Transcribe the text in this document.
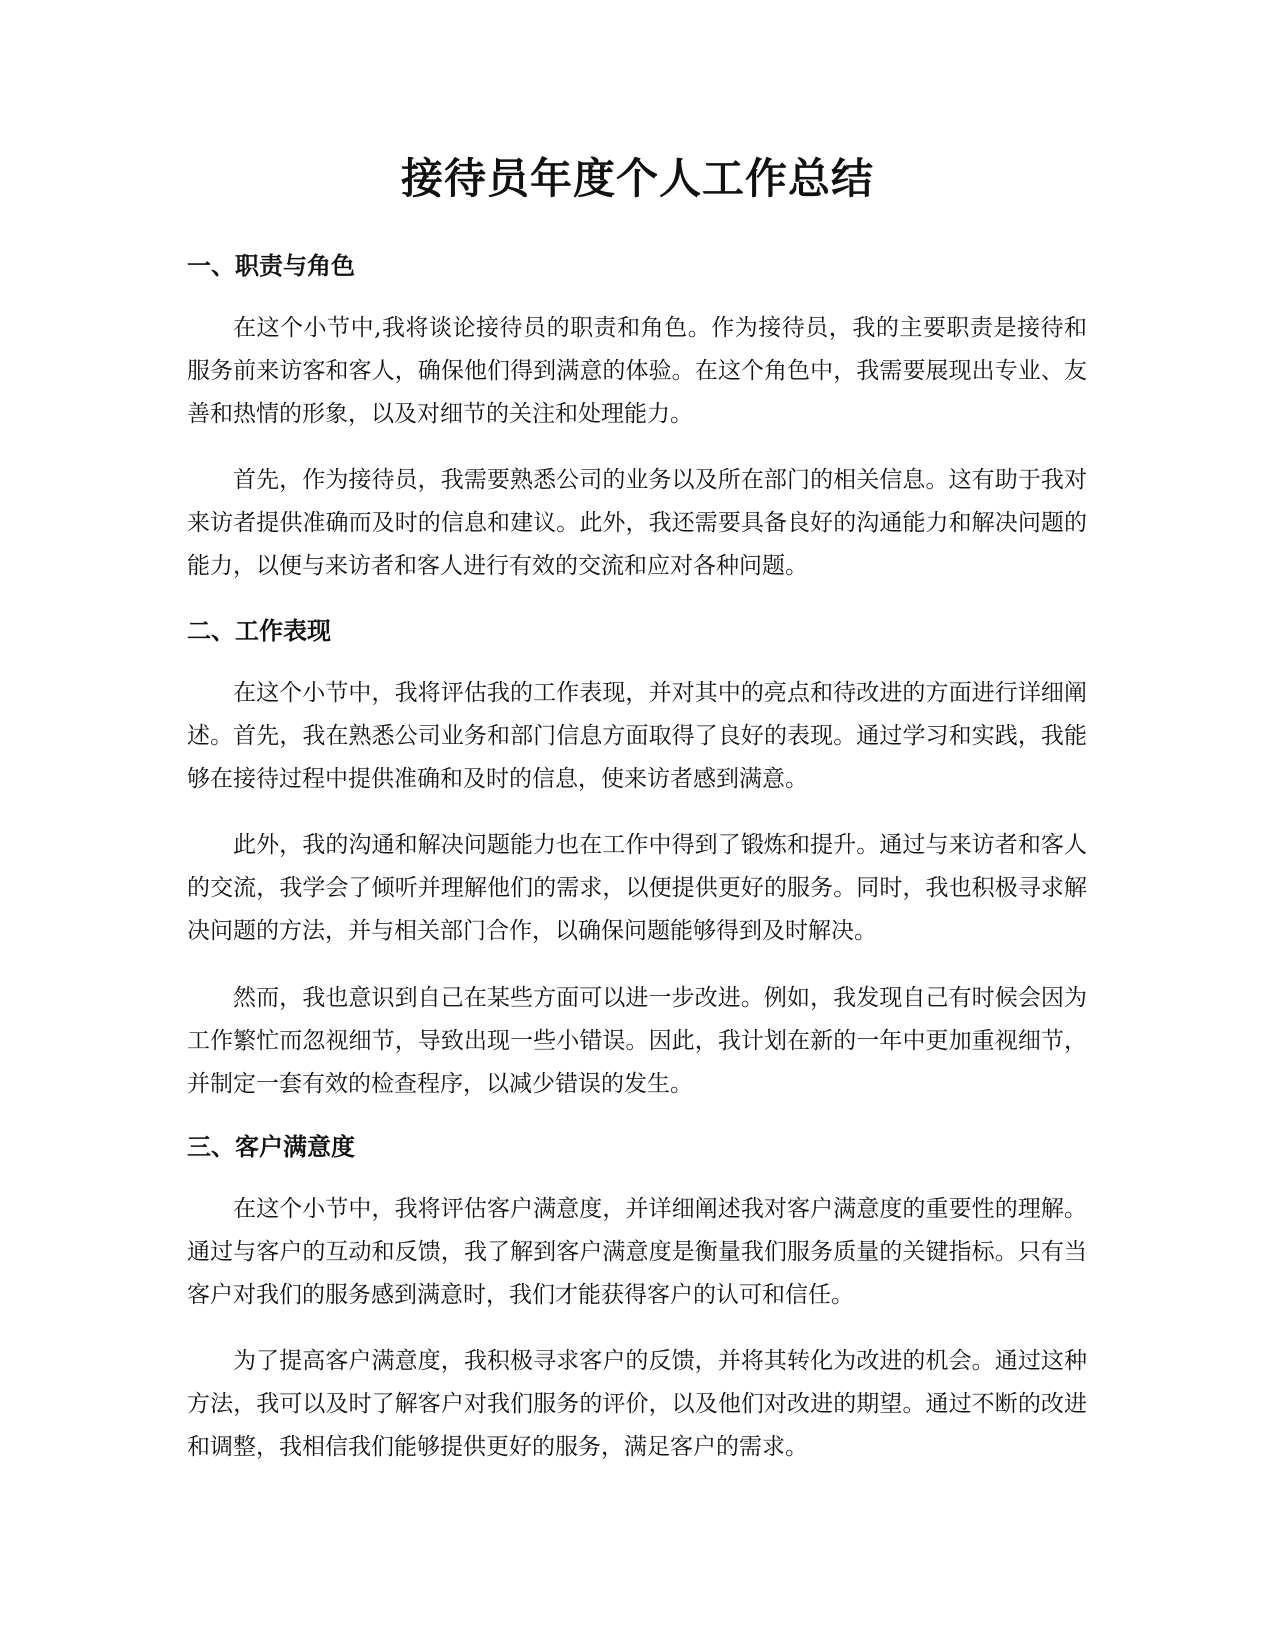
接待员年度个人工作总结
一、职责与角色

在这个小节中,我将谈论接待员的职责和角色。作为接待员，我的主要职责是接待和服务前来访客和客人，确保他们得到满意的体验。在这个角色中，我需要展现出专业、友善和热情的形象，以及对细节的关注和处理能力。

首先，作为接待员，我需要熟悉公司的业务以及所在部门的相关信息。这有助于我对来访者提供准确而及时的信息和建议。此外，我还需要具备良好的沟通能力和解决问题的能力，以便与来访者和客人进行有效的交流和应对各种问题。

二、工作表现

在这个小节中，我将评估我的工作表现，并对其中的亮点和待改进的方面进行详细阐述。首先，我在熟悉公司业务和部门信息方面取得了良好的表现。通过学习和实践，我能够在接待过程中提供准确和及时的信息，使来访者感到满意。

此外，我的沟通和解决问题能力也在工作中得到了锻炼和提升。通过与来访者和客人的交流，我学会了倾听并理解他们的需求，以便提供更好的服务。同时，我也积极寻求解决问题的方法，并与相关部门合作，以确保问题能够得到及时解决。

然而，我也意识到自己在某些方面可以进一步改进。例如，我发现自己有时候会因为工作繁忙而忽视细节，导致出现一些小错误。因此，我计划在新的一年中更加重视细节，并制定一套有效的检查程序，以减少错误的发生。

三、客户满意度

在这个小节中，我将评估客户满意度，并详细阐述我对客户满意度的重要性的理解。通过与客户的互动和反馈，我了解到客户满意度是衡量我们服务质量的关键指标。只有当客户对我们的服务感到满意时，我们才能获得客户的认可和信任。

为了提高客户满意度，我积极寻求客户的反馈，并将其转化为改进的机会。通过这种方法，我可以及时了解客户对我们服务的评价，以及他们对改进的期望。通过不断的改进和调整，我相信我们能够提供更好的服务，满足客户的需求。
